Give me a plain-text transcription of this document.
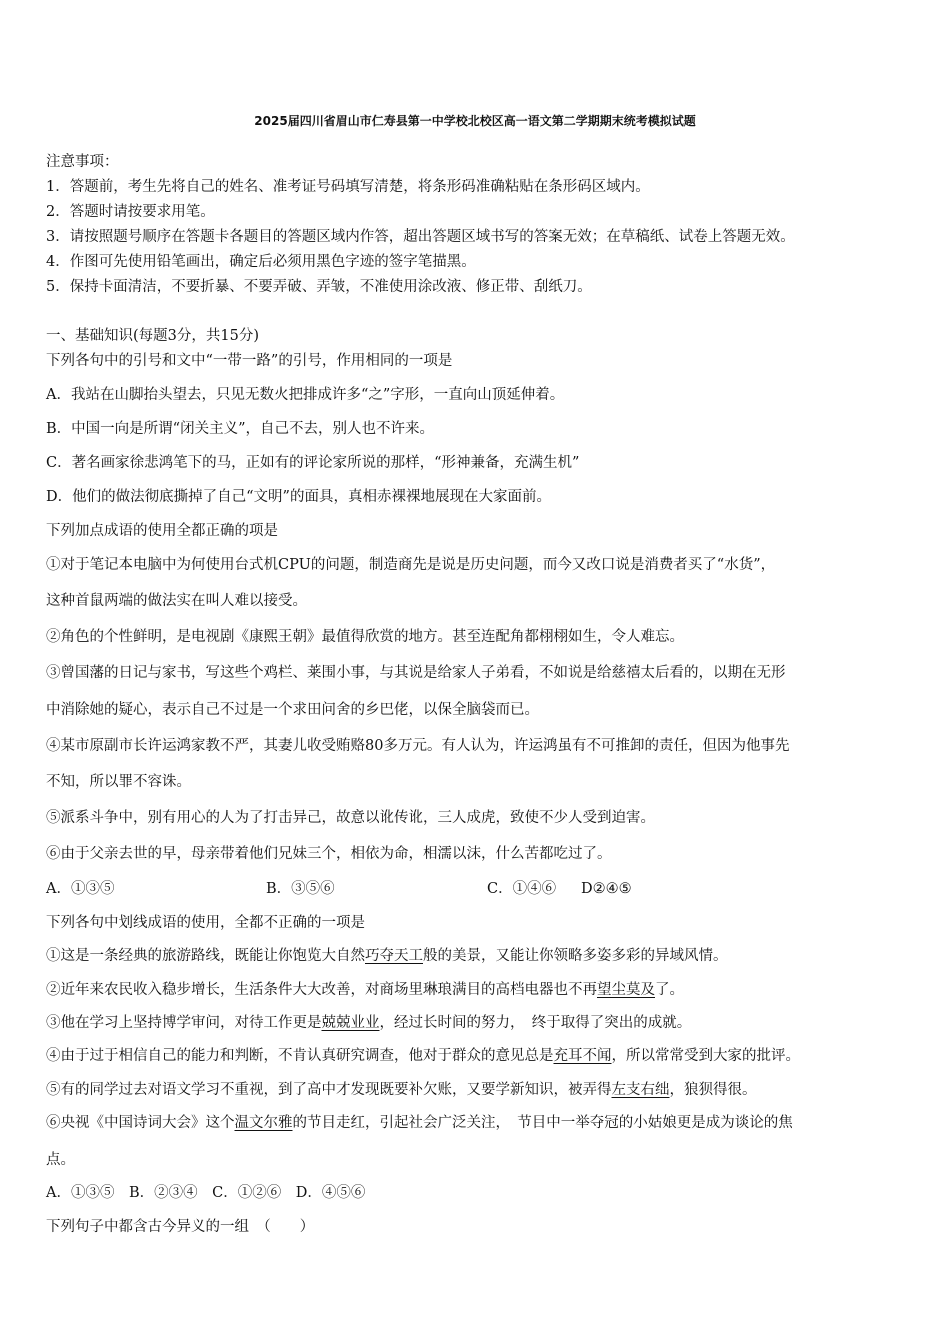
2025届四川省眉山市仁寿县第一中学校北校区高一语文第二学期期末统考模拟试题
注意事项：
1．答题前，考生先将自己的姓名、准考证号码填写清楚，将条形码准确粘贴在条形码区域内。
2．答题时请按要求用笔。
3．请按照题号顺序在答题卡各题目的答题区域内作答，超出答题区域书写的答案无效；在草稿纸、试卷上答题无效。
4．作图可先使用铅笔画出，确定后必须用黑色字迹的签字笔描黑。
5．保持卡面清洁，不要折暴、不要弄破、弄皱，不准使用涂改液、修正带、刮纸刀。
一、基础知识(每题3分，共15分)
下列各句中的引号和文中“一带一路”的引号，作用相同的一项是
A．我站在山脚抬头望去，只见无数火把排成许多“之”字形，一直向山顶延伸着。
B．中国一向是所谓“闭关主义”，自己不去，别人也不许来。
C．著名画家徐悲鸿笔下的马，正如有的评论家所说的那样，“形神兼备，充满生机”
D．他们的做法彻底撕掉了自己“文明”的面具，真相赤裸裸地展现在大家面前。
下列加点成语的使用全都正确的项是
①对于笔记本电脑中为何使用台式机CPU的问题，制造商先是说是历史问题，而今又改口说是消费者买了“水货”，
这种首鼠两端的做法实在叫人难以接受。
②角色的个性鲜明，是电视剧《康熙王朝》最值得欣赏的地方。甚至连配角都栩栩如生，令人难忘。
③曾国藩的日记与家书，写这些个鸡栏、莱围小事，与其说是给家人子弟看，不如说是给慈禧太后看的，以期在无形
中消除她的疑心，表示自己不过是一个求田问舍的乡巴佬，以保全脑袋而已。
④某市原副市长许运鸿家教不严，其妻儿收受贿赂80多万元。有人认为，许运鸿虽有不可推卸的责任，但因为他事先
不知，所以罪不容诛。
⑤派系斗争中，别有用心的人为了打击异己，故意以讹传讹，三人成虎，致使不少人受到迫害。
⑥由于父亲去世的早，母亲带着他们兄妹三个，相依为命，相濡以沫，什么苦都吃过了。
A．①③⑤	B．③⑤⑥	C．①④⑥ D②④⑤
下列各句中划线成语的使用，全都不正确的一项是
①这是一条经典的旅游路线，既能让你饱览大自然巧夺天工般的美景，又能让你领略多姿多彩的异域风情。
②近年来农民收入稳步增长，生活条件大大改善，对商场里琳琅满目的高档电器也不再望尘莫及了。
③他在学习上坚持博学审问，对待工作更是兢兢业业，经过长时间的努力，　终于取得了突出的成就。
④由于过于相信自己的能力和判断，不肯认真研究调查，他对于群众的意见总是充耳不闻，所以常常受到大家的批评。
⑤有的同学过去对语文学习不重视，到了高中才发现既要补欠账，又要学新知识，被弄得左支右绌，狼狈得很。
⑥央视《中国诗词大会》这个温文尔雅的节目走红，引起社会广泛关注，　节目中一举夺冠的小姑娘更是成为谈论的焦
点。
A．①③⑤　B．②③④　C．①②⑥　D．④⑤⑥
下列句子中都含古今异义的一组　（　　）
